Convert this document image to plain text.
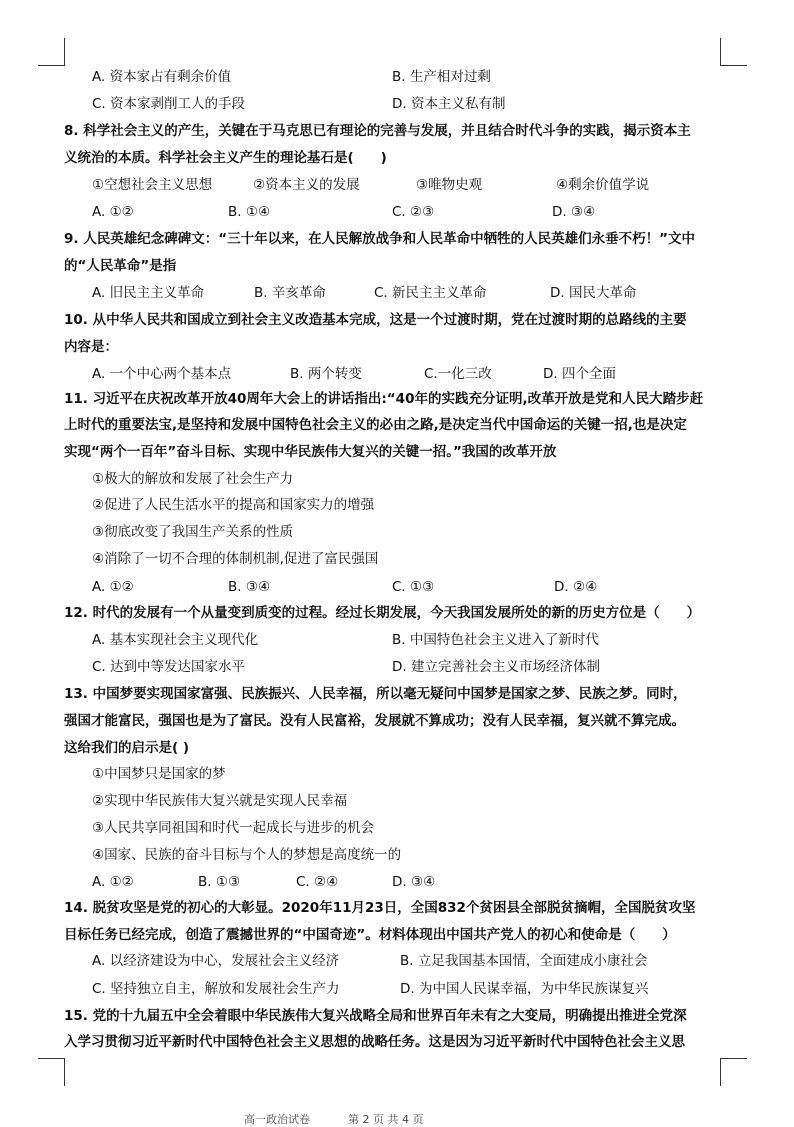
A. 资本家占有剩余价值	B. 生产相对过剩
C. 资本家剥削工人的手段	D. 资本主义私有制
8. 科学社会主义的产生，关键在于马克思已有理论的完善与发展，并且结合时代斗争的实践，揭示资本主
义统治的本质。科学社会主义产生的理论基石是(　　)
①空想社会主义思想	②资本主义的发展	③唯物史观	④剩余价值学说
A. ①②	B. ①④	C. ②③	D. ③④
9. 人民英雄纪念碑碑文：“三十年以来，在人民解放战争和人民革命中牺牲的人民英雄们永垂不朽！”文中
的“人民革命”是指
A. 旧民主主义革命	B. 辛亥革命	C. 新民主主义革命	D. 国民大革命
10. 从中华人民共和国成立到社会主义改造基本完成，这是一个过渡时期，党在过渡时期的总路线的主要
内容是：
A. 一个中心两个基本点	B. 两个转变	C.一化三改	D. 四个全面
11. 习近平在庆祝改革开放40周年大会上的讲话指出:“40年的实践充分证明,改革开放是党和人民大踏步赶
上时代的重要法宝,是坚持和发展中国特色社会主义的必由之路,是决定当代中国命运的关键一招,也是决定
实现“两个一百年”奋斗目标、实现中华民族伟大复兴的关键一招。”我国的改革开放
①极大的解放和发展了社会生产力
②促进了人民生活水平的提高和国家实力的增强
③彻底改变了我国生产关系的性质
④消除了一切不合理的体制机制,促进了富民强国
A. ①②	B. ③④	C. ①③	D. ②④
12. 时代的发展有一个从量变到质变的过程。经过长期发展，今天我国发展所处的新的历史方位是（　　）
A. 基本实现社会主义现代化	B. 中国特色社会主义进入了新时代
C. 达到中等发达国家水平	D. 建立完善社会主义市场经济体制
13. 中国梦要实现国家富强、民族振兴、人民幸福，所以毫无疑问中国梦是国家之梦、民族之梦。同时，
强国才能富民，强国也是为了富民。没有人民富裕，发展就不算成功；没有人民幸福，复兴就不算完成。
这给我们的启示是( )
①中国梦只是国家的梦
②实现中华民族伟大复兴就是实现人民幸福
③人民共享同祖国和时代一起成长与进步的机会
④国家、民族的奋斗目标与个人的梦想是高度统一的
A. ①②	B. ①③	C. ②④	D. ③④
14. 脱贫攻坚是党的初心的大彰显。2020年11月23日，全国832个贫困县全部脱贫摘帽，全国脱贫攻坚
目标任务已经完成，创造了震撼世界的“中国奇迹”。材料体现出中国共产党人的初心和使命是（　　）
A. 以经济建设为中心，发展社会主义经济	B. 立足我国基本国情，全面建成小康社会
C. 坚持独立自主，解放和发展社会生产力	D. 为中国人民谋幸福，为中华民族谋复兴
15. 党的十九届五中全会着眼中华民族伟大复兴战略全局和世界百年未有之大变局，明确提出推进全党深
入学习贯彻习近平新时代中国特色社会主义思想的战略任务。这是因为习近平新时代中国特色社会主义思
高一政治试卷	第 2 页 共 4 页
